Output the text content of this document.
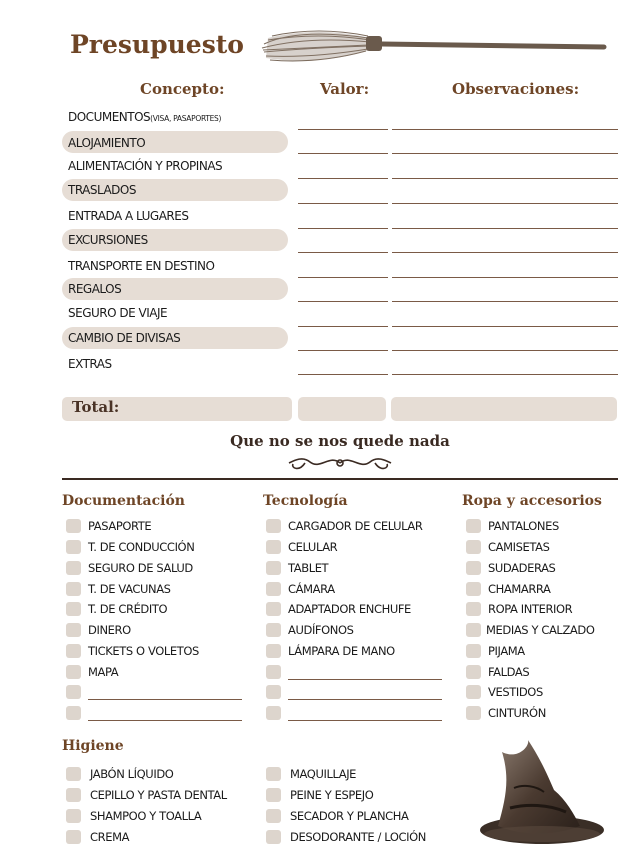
Presupuesto
Concepto:	Valor:	Observaciones:
DOCUMENTOS(VISA, PASAPORTES)
ALOJAMIENTO
ALIMENTACIÓN Y PROPINAS
TRASLADOS
ENTRADA A LUGARES
EXCURSIONES
TRANSPORTE EN DESTINO
REGALOS
SEGURO DE VIAJE
CAMBIO DE DIVISAS
EXTRAS
Total:
Que no se nos quede nada
Documentación	Tecnología	Ropa y accesorios
Higiene
PASAPORTE
T. DE CONDUCCIÓN
SEGURO DE SALUD
T. DE VACUNAS
T. DE CRÉDITO
DINERO
TICKETS O VOLETOS
MAPA
CARGADOR DE CELULAR
CELULAR
TABLET
CÁMARA
ADAPTADOR ENCHUFE
AUDÍFONOS
LÁMPARA DE MANO
PANTALONES
CAMISETAS
SUDADERAS
CHAMARRA
ROPA INTERIOR
MEDIAS Y CALZADO
PIJAMA
FALDAS
VESTIDOS
CINTURÓN
JABÓN LÍQUIDO
CEPILLO Y PASTA DENTAL
SHAMPOO Y TOALLA
CREMA
MAQUILLAJE
PEINE Y ESPEJO
SECADOR Y PLANCHA
DESODORANTE / LOCIÓN
